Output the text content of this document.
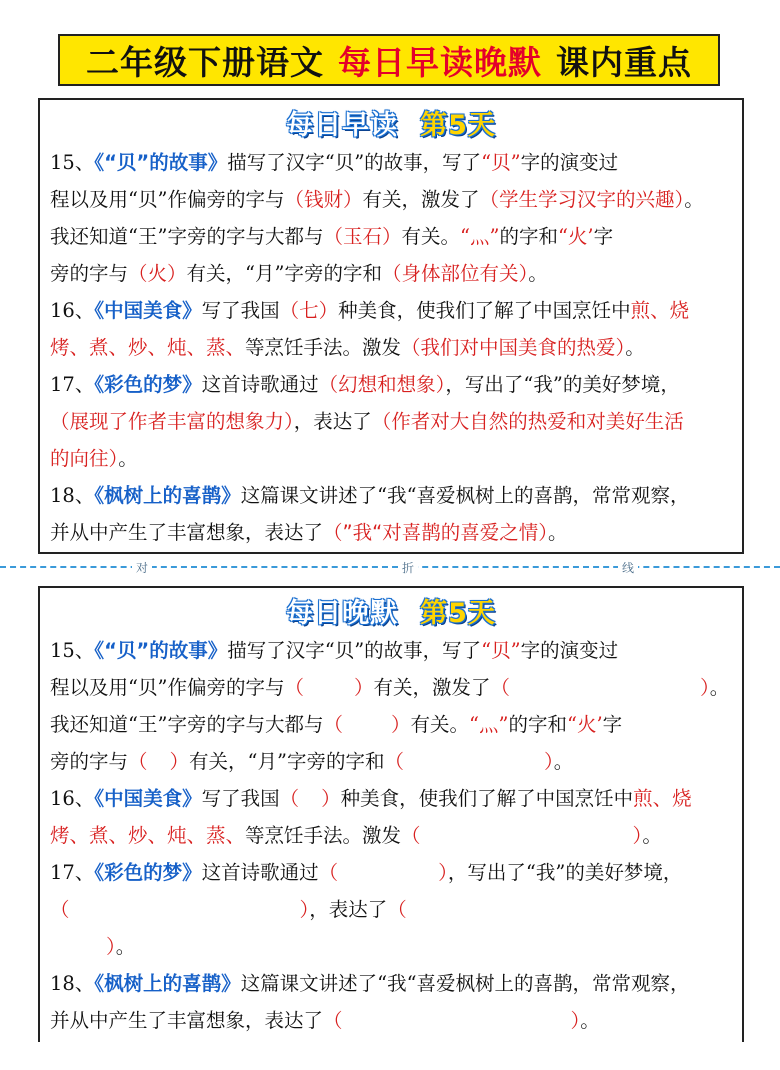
二年级下册语文 每日早读晚默 课内重点
每日早读 第5天
15、《“贝”的故事》描写了汉字“贝”的故事，写了“贝”字的演变过
程以及用“贝”作偏旁的字与（钱财）有关，激发了（学生学习汉字的兴趣）。
我还知道“王”字旁的字与大都与（玉石）有关。“灬”的字和“火’字
旁的字与（火）有关，“月”字旁的字和（身体部位有关）。
16、《中国美食》写了我国（七）种美食，使我们了解了中国烹饪中煎、烧
烤、煮、炒、炖、蒸、等烹饪手法。激发（我们对中国美食的热爱）。
17、《彩色的梦》这首诗歌通过（幻想和想象），写出了“我”的美好梦境，
（展现了作者丰富的想象力），表达了（作者对大自然的热爱和对美好生活
的向往）。
18、《枫树上的喜鹊》这篇课文讲述了“我“喜爱枫树上的喜鹊，常常观察，
并从中产生了丰富想象，表达了（”我“对喜鹊的喜爱之情）。
对	折	线
每日晚默 第5天
15、《“贝”的故事》描写了汉字“贝”的故事，写了“贝”字的演变过
程以及用“贝”作偏旁的字与（	）有关，激发了（	）。
我还知道“王”字旁的字与大都与（ ）有关。“灬”的字和“火’字
旁的字与（ ）有关，“月”字旁的字和（	）。
16、《中国美食》写了我国（ ）种美食，使我们了解了中国烹饪中煎、烧
烤、煮、炒、炖、蒸、等烹饪手法。激发（	）。
17、《彩色的梦》这首诗歌通过（	），写出了“我”的美好梦境，
（	），表达了（
）。
18、《枫树上的喜鹊》这篇课文讲述了“我“喜爱枫树上的喜鹊，常常观察，
并从中产生了丰富想象，表达了（	）。
